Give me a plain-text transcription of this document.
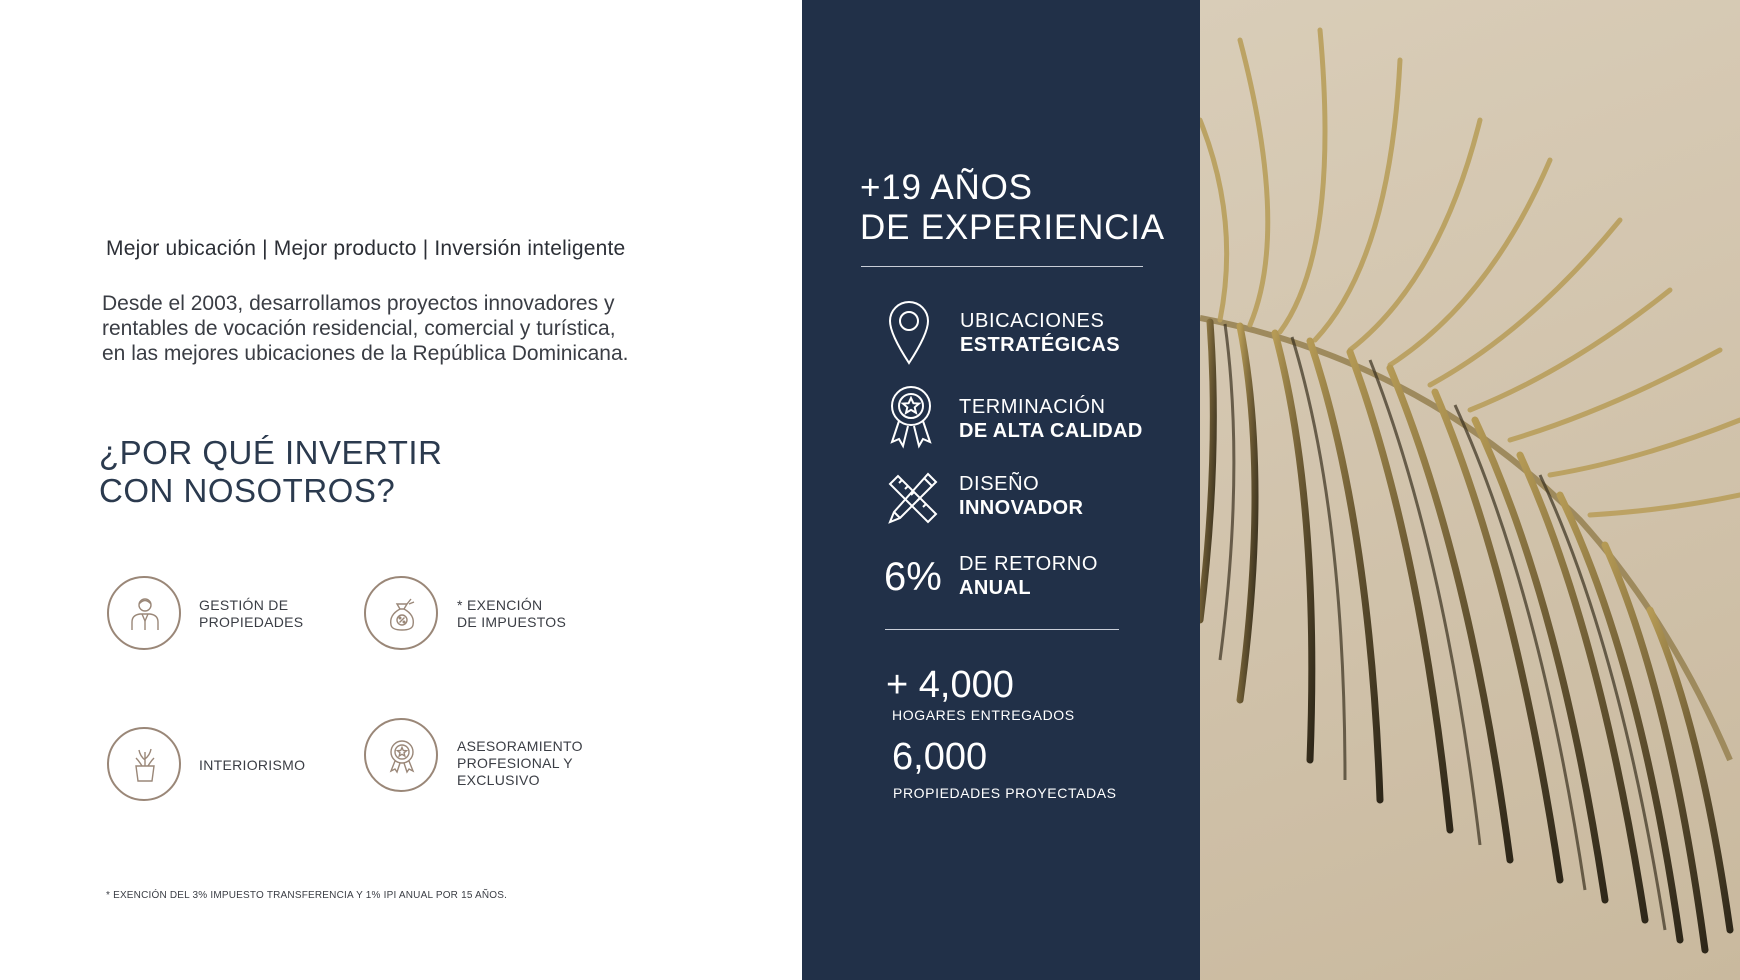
Mejor ubicación | Mejor producto | Inversión inteligente
Desde el 2003, desarrollamos proyectos innovadores y
rentables de vocación residencial, comercial y turística,
en las mejores ubicaciones de la República Dominicana.
¿POR QUÉ INVERTIR
CON NOSOTROS?
GESTIÓN DE
PROPIEDADES
* EXENCIÓN
DE IMPUESTOS
INTERIORISMO
ASESORAMIENTO
PROFESIONAL Y
EXCLUSIVO
* EXENCIÓN DEL 3% IMPUESTO TRANSFERENCIA Y 1% IPI ANUAL POR 15 AÑOS.
+19 AÑOS
DE EXPERIENCIA
UBICACIONES
ESTRATÉGICAS
TERMINACIÓN
DE ALTA CALIDAD
DISEÑO
INNOVADOR
6% DE RETORNO
ANUAL
+ 4,000
HOGARES ENTREGADOS
6,000
PROPIEDADES PROYECTADAS
